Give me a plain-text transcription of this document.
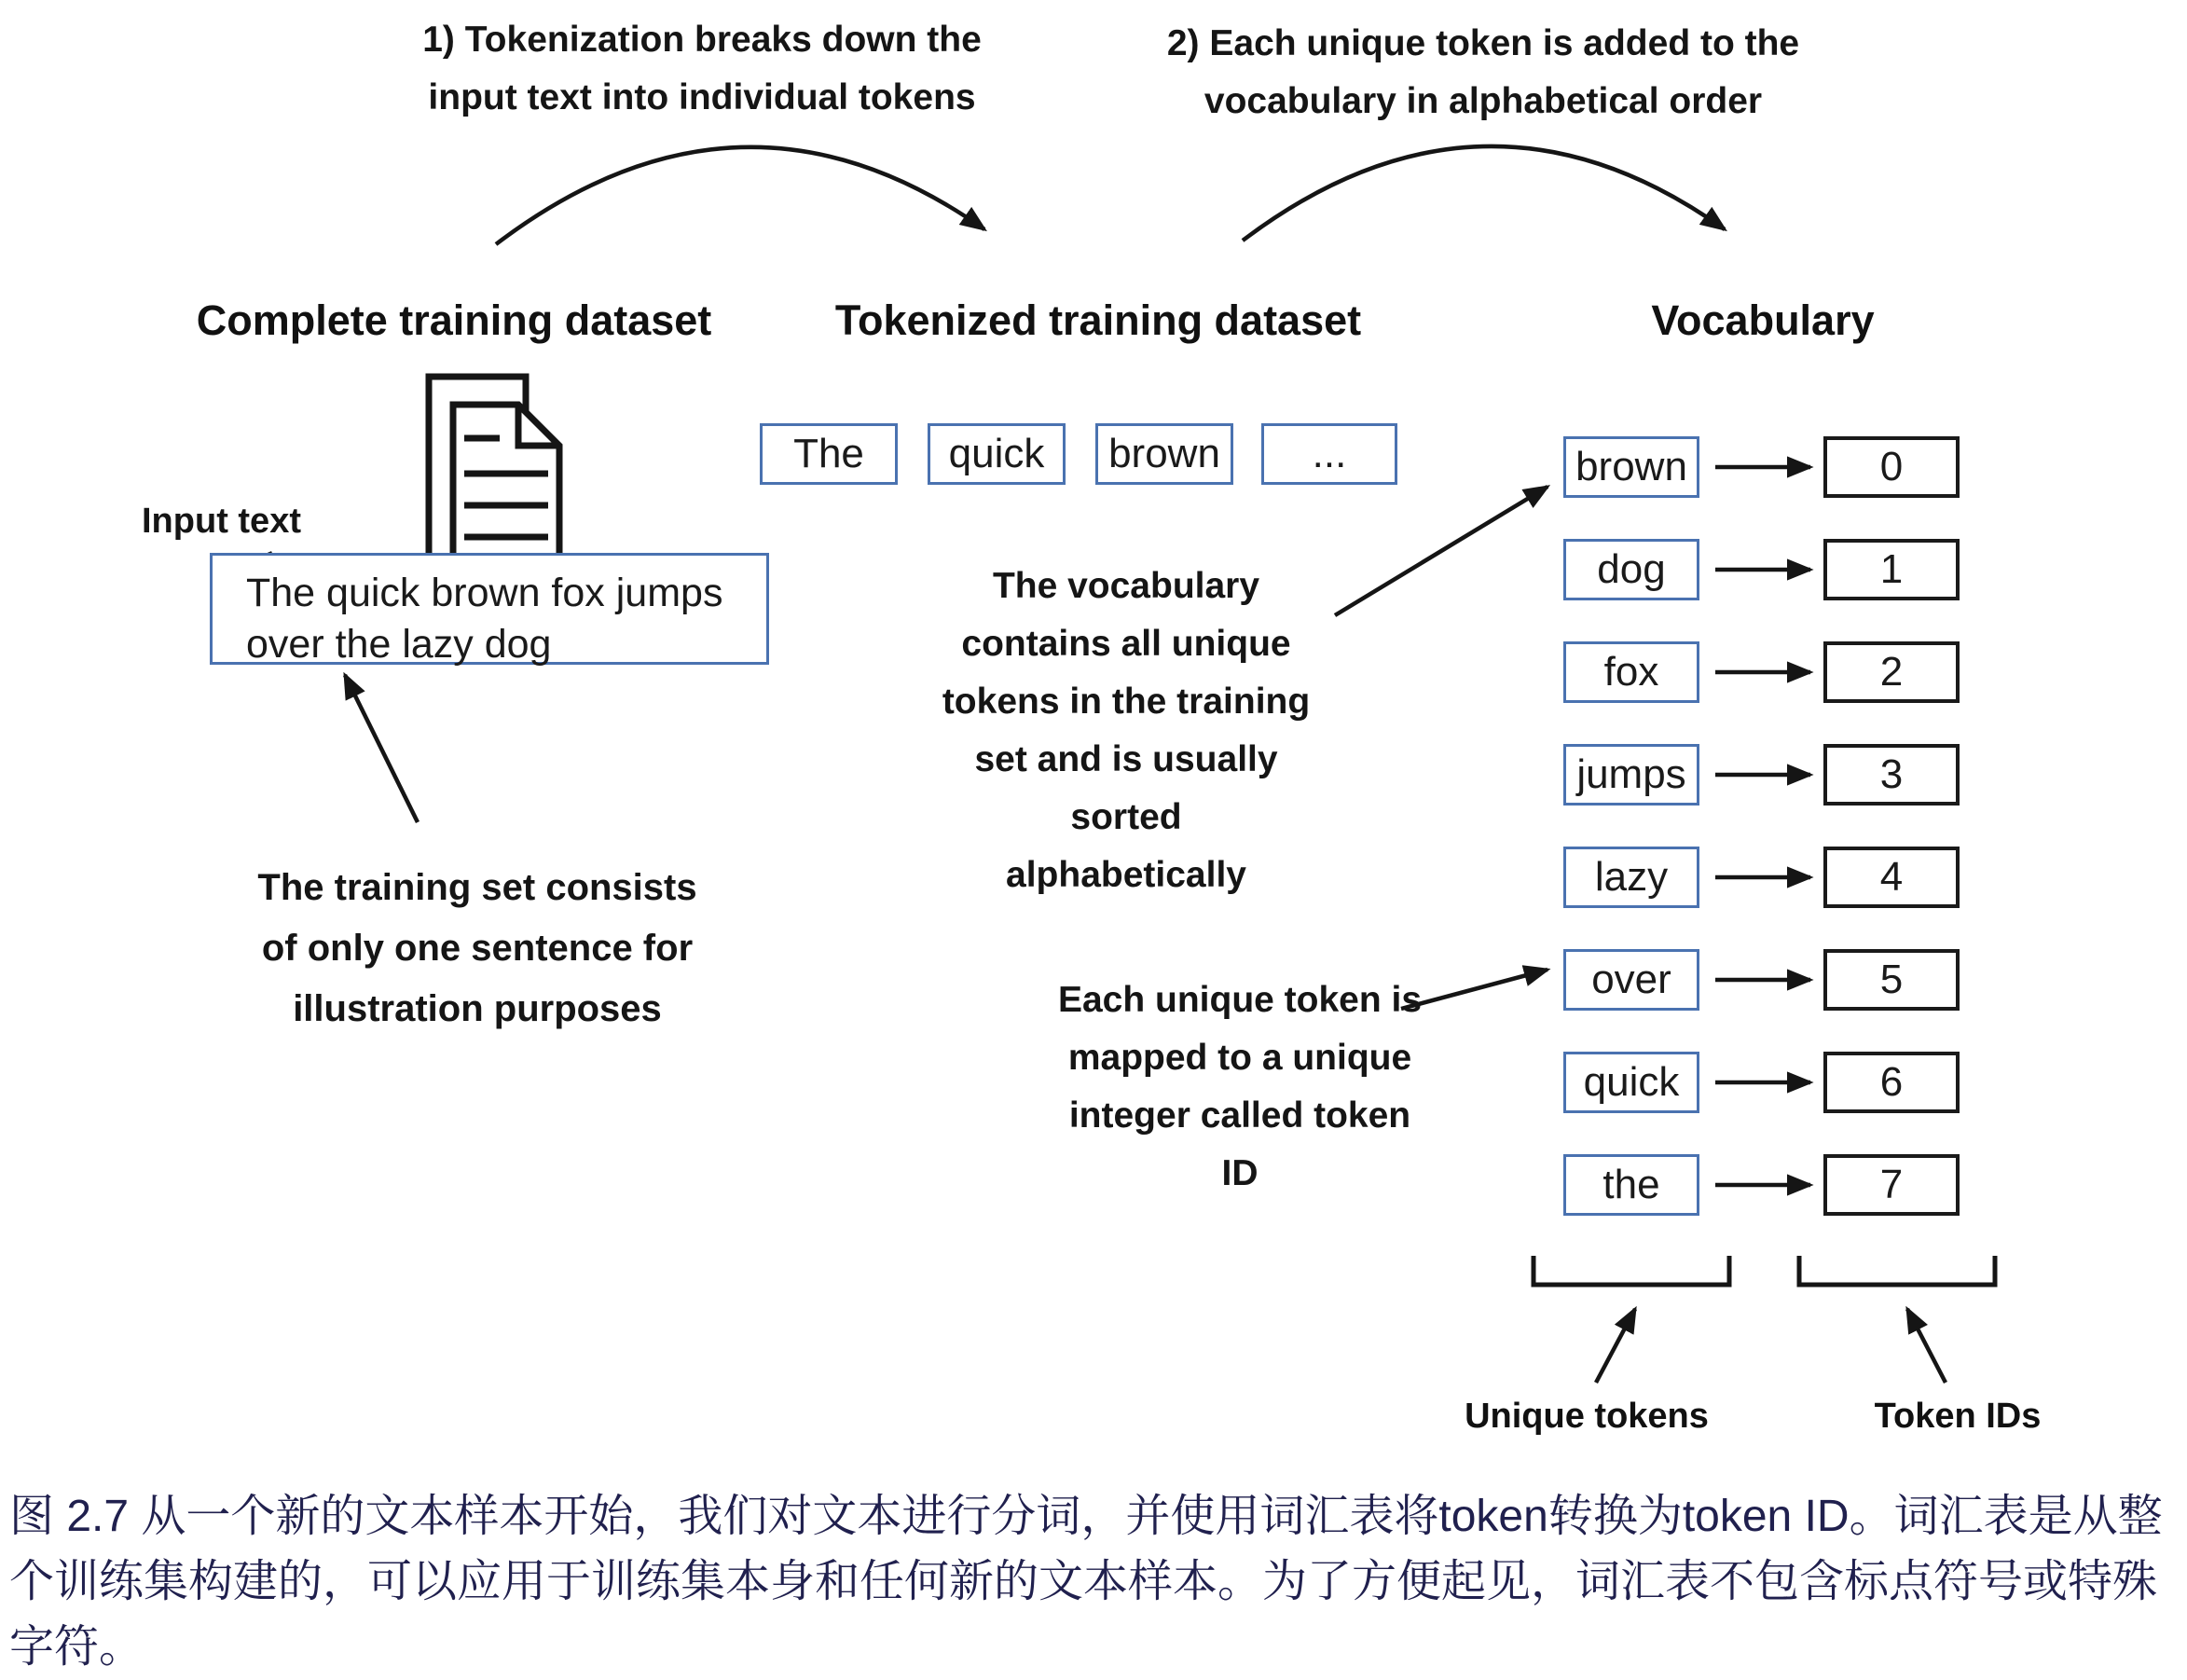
1) Tokenization breaks down the
input text into individual tokens
2) Each unique token is added to the
vocabulary in alphabetical order
Complete training dataset	Tokenized training dataset	Vocabulary
The	quick	brown	...
Input text
The quick brown fox jumps
over the lazy dog
The training set consists
of only one sentence for
illustration purposes
The vocabulary
contains all unique
tokens in the training
set and is usually
sorted
alphabetically
Each unique token is
mapped to a unique
integer called token
ID
brown	0
dog	1
fox	2
jumps	3
lazy	4
over	5
quick	6
the	7
Unique tokens	Token IDs
图 2.7 从一个新的文本样本开始，我们对文本进行分词，并使用词汇表将token转换为token ID。词汇表是从整
个训练集构建的，可以应用于训练集本身和任何新的文本样本。为了方便起见，词汇表不包含标点符号或特殊
字符。
